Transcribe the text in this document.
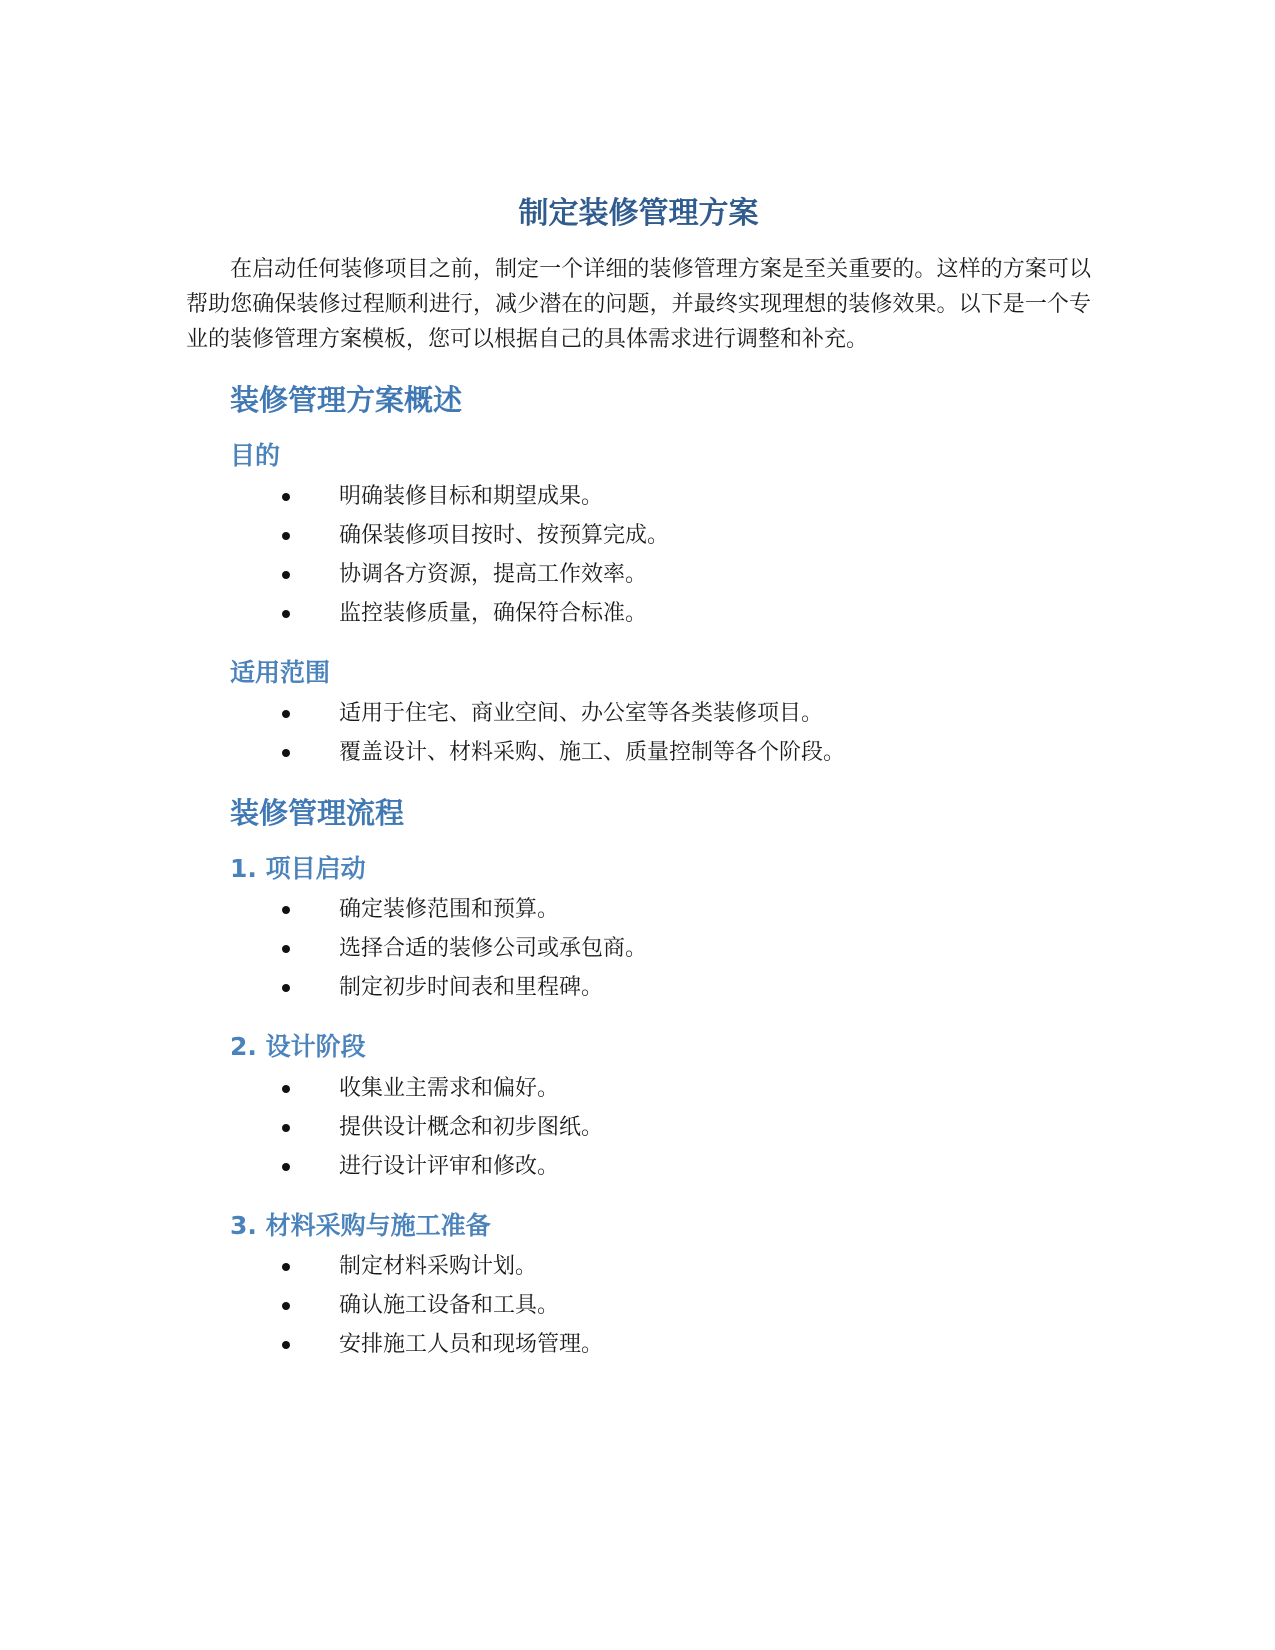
制定装修管理方案

在启动任何装修项目之前，制定一个详细的装修管理方案是至关重要的。这样的方案可以帮助您确保装修过程顺利进行，减少潜在的问题，并最终实现理想的装修效果。以下是一个专业的装修管理方案模板，您可以根据自己的具体需求进行调整和补充。

装修管理方案概述
目的
明确装修目标和期望成果。
确保装修项目按时、按预算完成。
协调各方资源，提高工作效率。
监控装修质量，确保符合标准。
适用范围
适用于住宅、商业空间、办公室等各类装修项目。
覆盖设计、材料采购、施工、质量控制等各个阶段。
装修管理流程
1. 项目启动
确定装修范围和预算。
选择合适的装修公司或承包商。
制定初步时间表和里程碑。
2. 设计阶段
收集业主需求和偏好。
提供设计概念和初步图纸。
进行设计评审和修改。
3. 材料采购与施工准备
制定材料采购计划。
确认施工设备和工具。
安排施工人员和现场管理。
